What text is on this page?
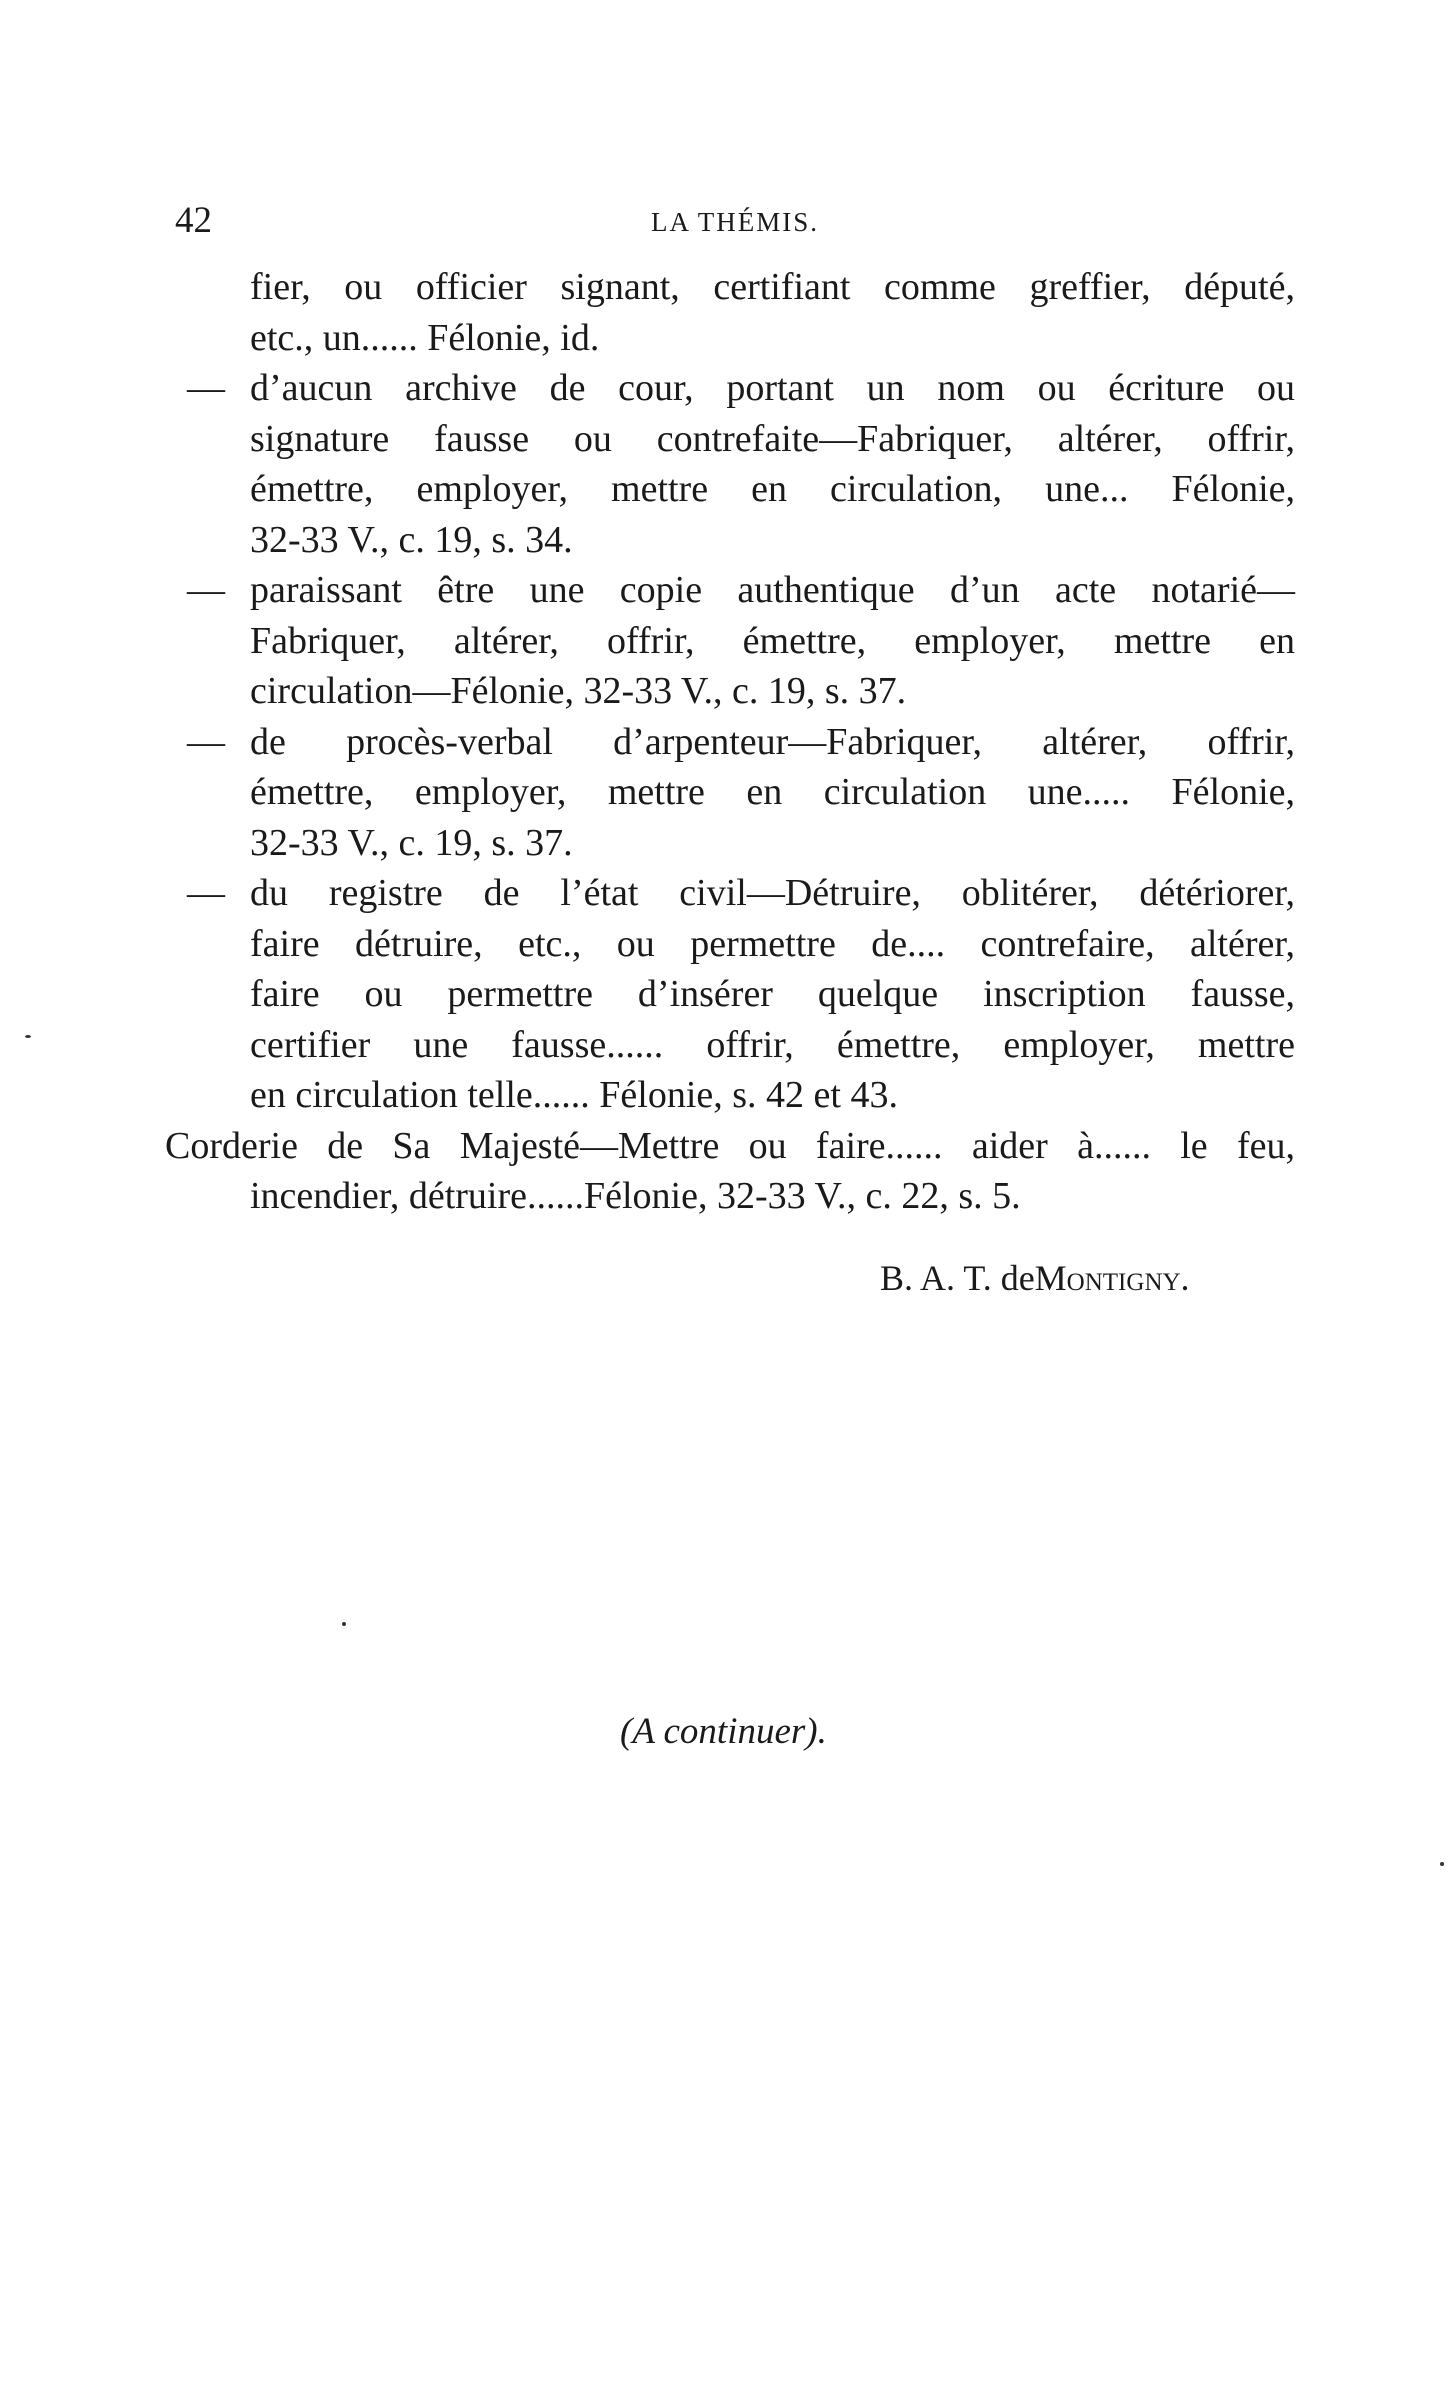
42	LA THÉMIS.
fier, ou officier signant, certifiant comme greffier, député,
etc., un...... Félonie, id.
— d’aucun archive de cour, portant un nom ou écriture ou
signature fausse ou contrefaite—Fabriquer, altérer, offrir,
émettre, employer, mettre en circulation, une... Félonie,
32-33 V., c. 19, s. 34.
— paraissant être une copie authentique d’un acte notarié—
Fabriquer, altérer, offrir, émettre, employer, mettre en
circulation—Félonie, 32-33 V., c. 19, s. 37.
— de procès-verbal d’arpenteur—Fabriquer, altérer, offrir,
émettre, employer, mettre en circulation une..... Félonie,
32-33 V., c. 19, s. 37.
— du registre de l’état civil—Détruire, oblitérer, détériorer,
faire détruire, etc., ou permettre de.... contrefaire, altérer,
faire ou permettre d’insérer quelque inscription fausse,
certifier une fausse...... offrir, émettre, employer, mettre
en circulation telle...... Félonie, s. 42 et 43.
Corderie de Sa Majesté—Mettre ou faire...... aider à...... le feu,
incendier, détruire......Félonie, 32-33 V., c. 22, s. 5.
B. A. T. deMontigny.
(A continuer).
